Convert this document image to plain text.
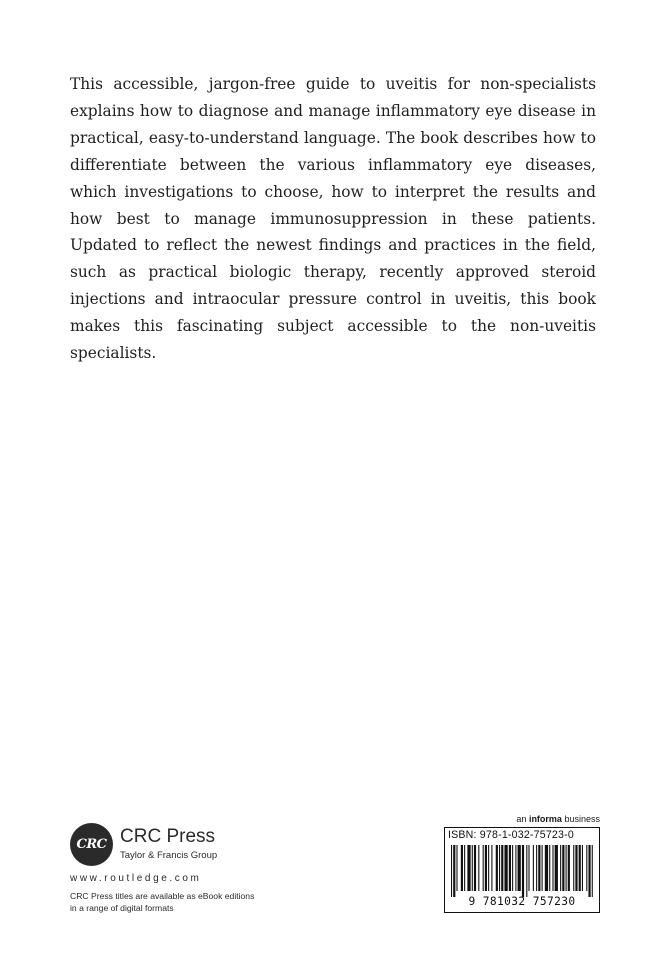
This accessible, jargon-free guide to uveitis for non-specialists explains how to diagnose and manage inflammatory eye disease in practical, easy-to-understand language. The book describes how to differentiate between the various inflammatory eye diseases, which investigations to choose, how to interpret the results and how best to manage immunosuppression in these patients. Updated to reflect the newest findings and practices in the field, such as practical biologic therapy, recently approved steroid injections and intraocular pressure control in uveitis, this book makes this fascinating subject accessible to the non-uveitis specialists.

CRC CRC Press
Taylor & Francis Group
www.routledge.com
CRC Press titles are available as eBook editions
in a range of digital formats
an informa business
ISBN: 978-1-032-75723-0
9 781032 757230
